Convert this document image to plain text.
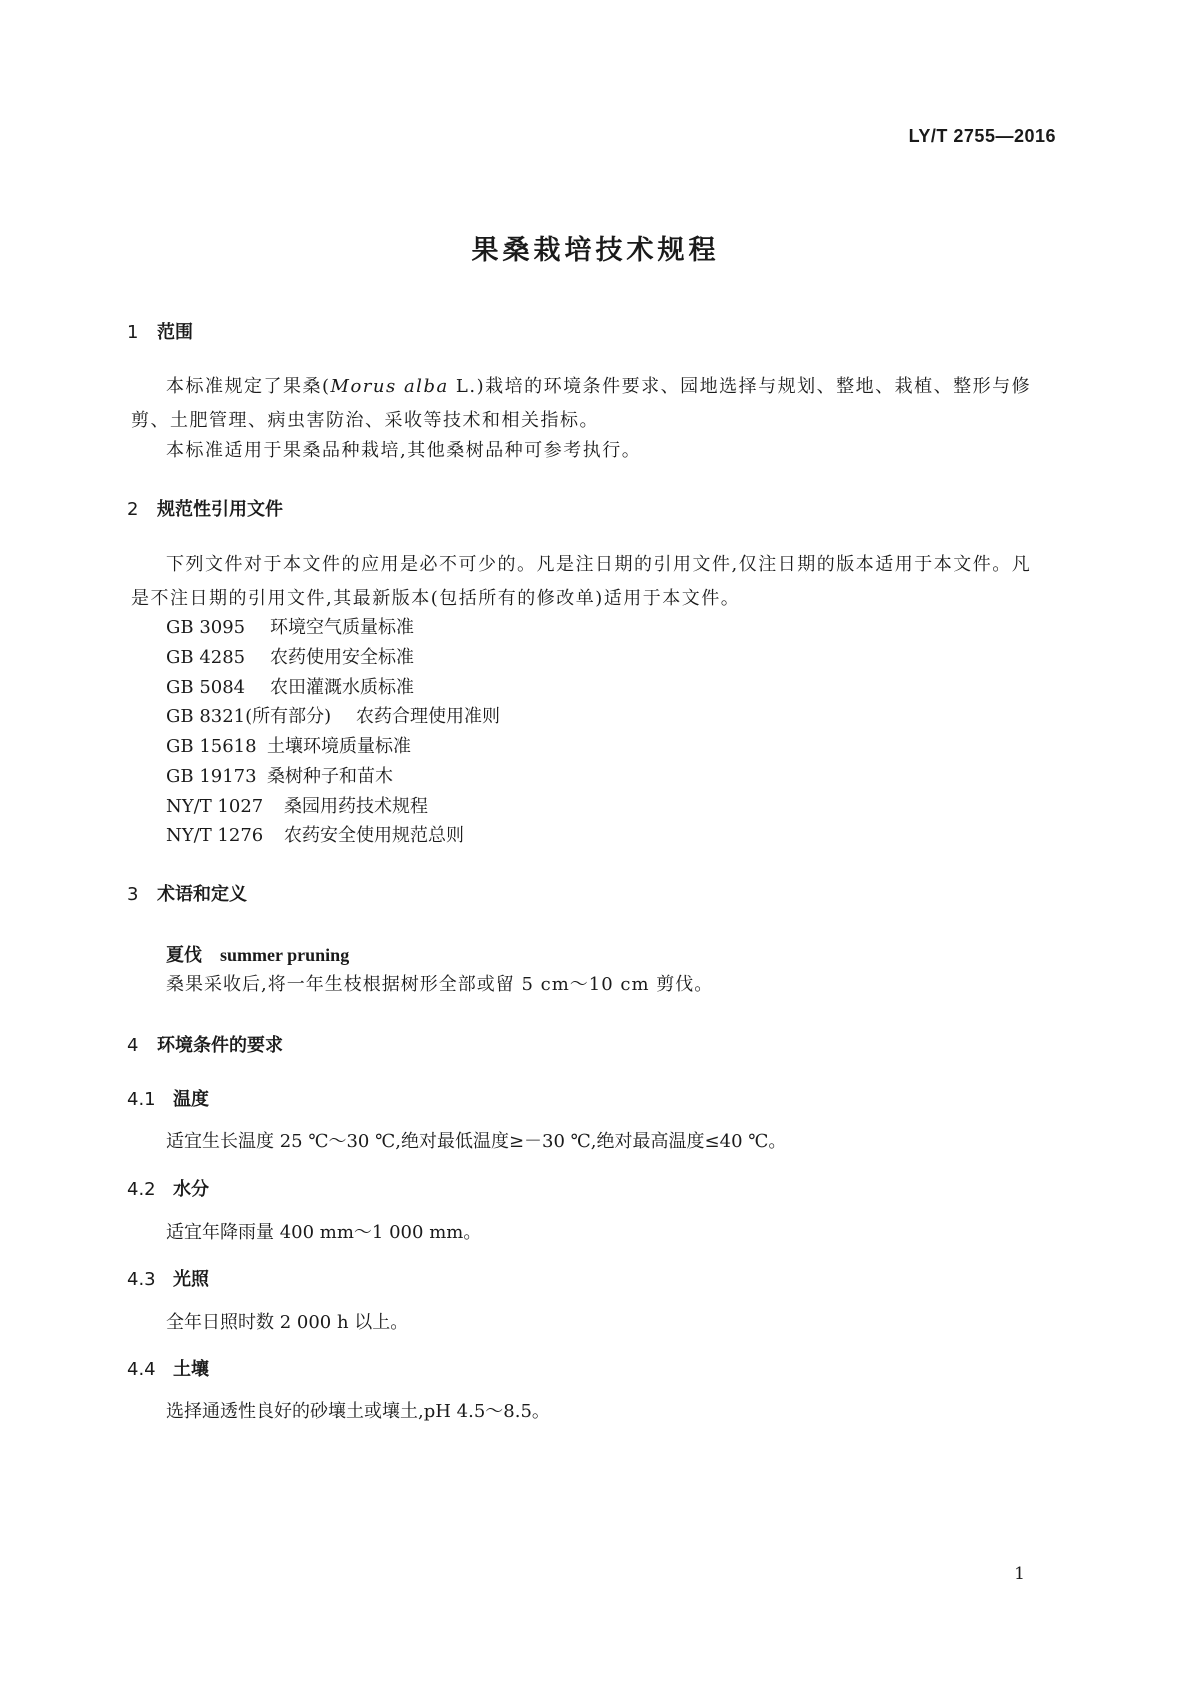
LY/T 2755—2016
果桑栽培技术规程
1 范围
本标准规定了果桑(Morus alba L.)栽培的环境条件要求、园地选择与规划、整地、栽植、整形与修剪、土肥管理、病虫害防治、采收等技术和相关指标。
本标准适用于果桑品种栽培,其他桑树品种可参考执行。
2 规范性引用文件
下列文件对于本文件的应用是必不可少的。凡是注日期的引用文件,仅注日期的版本适用于本文件。凡是不注日期的引用文件,其最新版本(包括所有的修改单)适用于本文件。
GB 3095 环境空气质量标准
GB 4285 农药使用安全标准
GB 5084 农田灌溉水质标准
GB 8321(所有部分) 农药合理使用准则
GB 15618 土壤环境质量标准
GB 19173 桑树种子和苗木
NY/T 1027 桑园用药技术规程
NY/T 1276 农药安全使用规范总则
3 术语和定义
夏伐 summer pruning
桑果采收后,将一年生枝根据树形全部或留 5 cm～10 cm 剪伐。
4 环境条件的要求
4.1 温度
适宜生长温度 25 ℃～30 ℃,绝对最低温度≥－30 ℃,绝对最高温度≤40 ℃。
4.2 水分
适宜年降雨量 400 mm～1 000 mm。
4.3 光照
全年日照时数 2 000 h 以上。
4.4 土壤
选择通透性良好的砂壤土或壤土,pH 4.5～8.5。
1
